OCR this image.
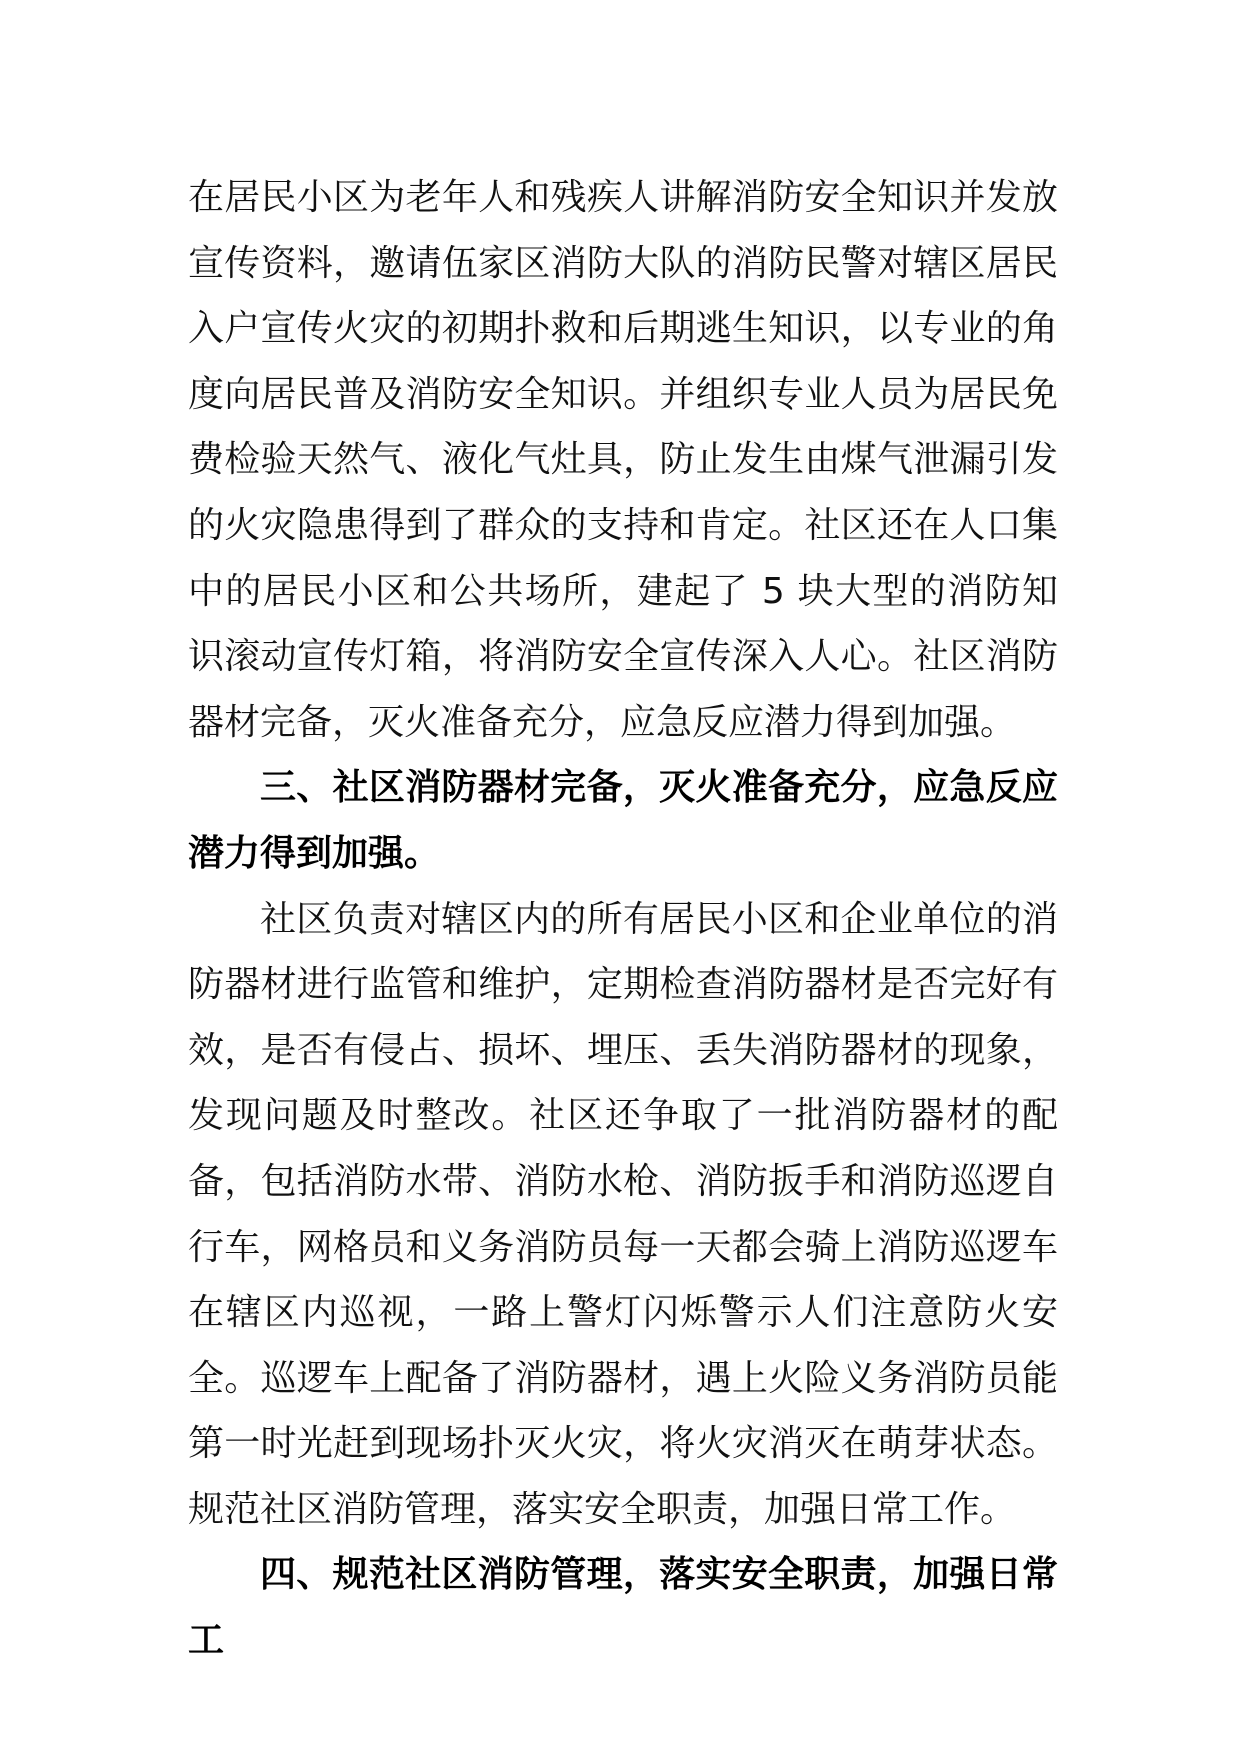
在居民小区为老年人和残疾人讲解消防安全知识并发放宣传资料，邀请伍家区消防大队的消防民警对辖区居民入户宣传火灾的初期扑救和后期逃生知识，以专业的角度向居民普及消防安全知识。并组织专业人员为居民免费检验天然气、液化气灶具，防止发生由煤气泄漏引发的火灾隐患得到了群众的支持和肯定。社区还在人口集中的居民小区和公共场所，建起了 5 块大型的消防知识滚动宣传灯箱，将消防安全宣传深入人心。社区消防器材完备，灭火准备充分，应急反应潜力得到加强。

三、社区消防器材完备，灭火准备充分，应急反应潜力得到加强。

社区负责对辖区内的所有居民小区和企业单位的消防器材进行监管和维护，定期检查消防器材是否完好有效，是否有侵占、损坏、埋压、丢失消防器材的现象，发现问题及时整改。社区还争取了一批消防器材的配备，包括消防水带、消防水枪、消防扳手和消防巡逻自行车，网格员和义务消防员每一天都会骑上消防巡逻车在辖区内巡视，一路上警灯闪烁警示人们注意防火安全。巡逻车上配备了消防器材，遇上火险义务消防员能第一时光赶到现场扑灭火灾，将火灾消灭在萌芽状态。规范社区消防管理，落实安全职责，加强日常工作。

四、规范社区消防管理，落实安全职责，加强日常工
